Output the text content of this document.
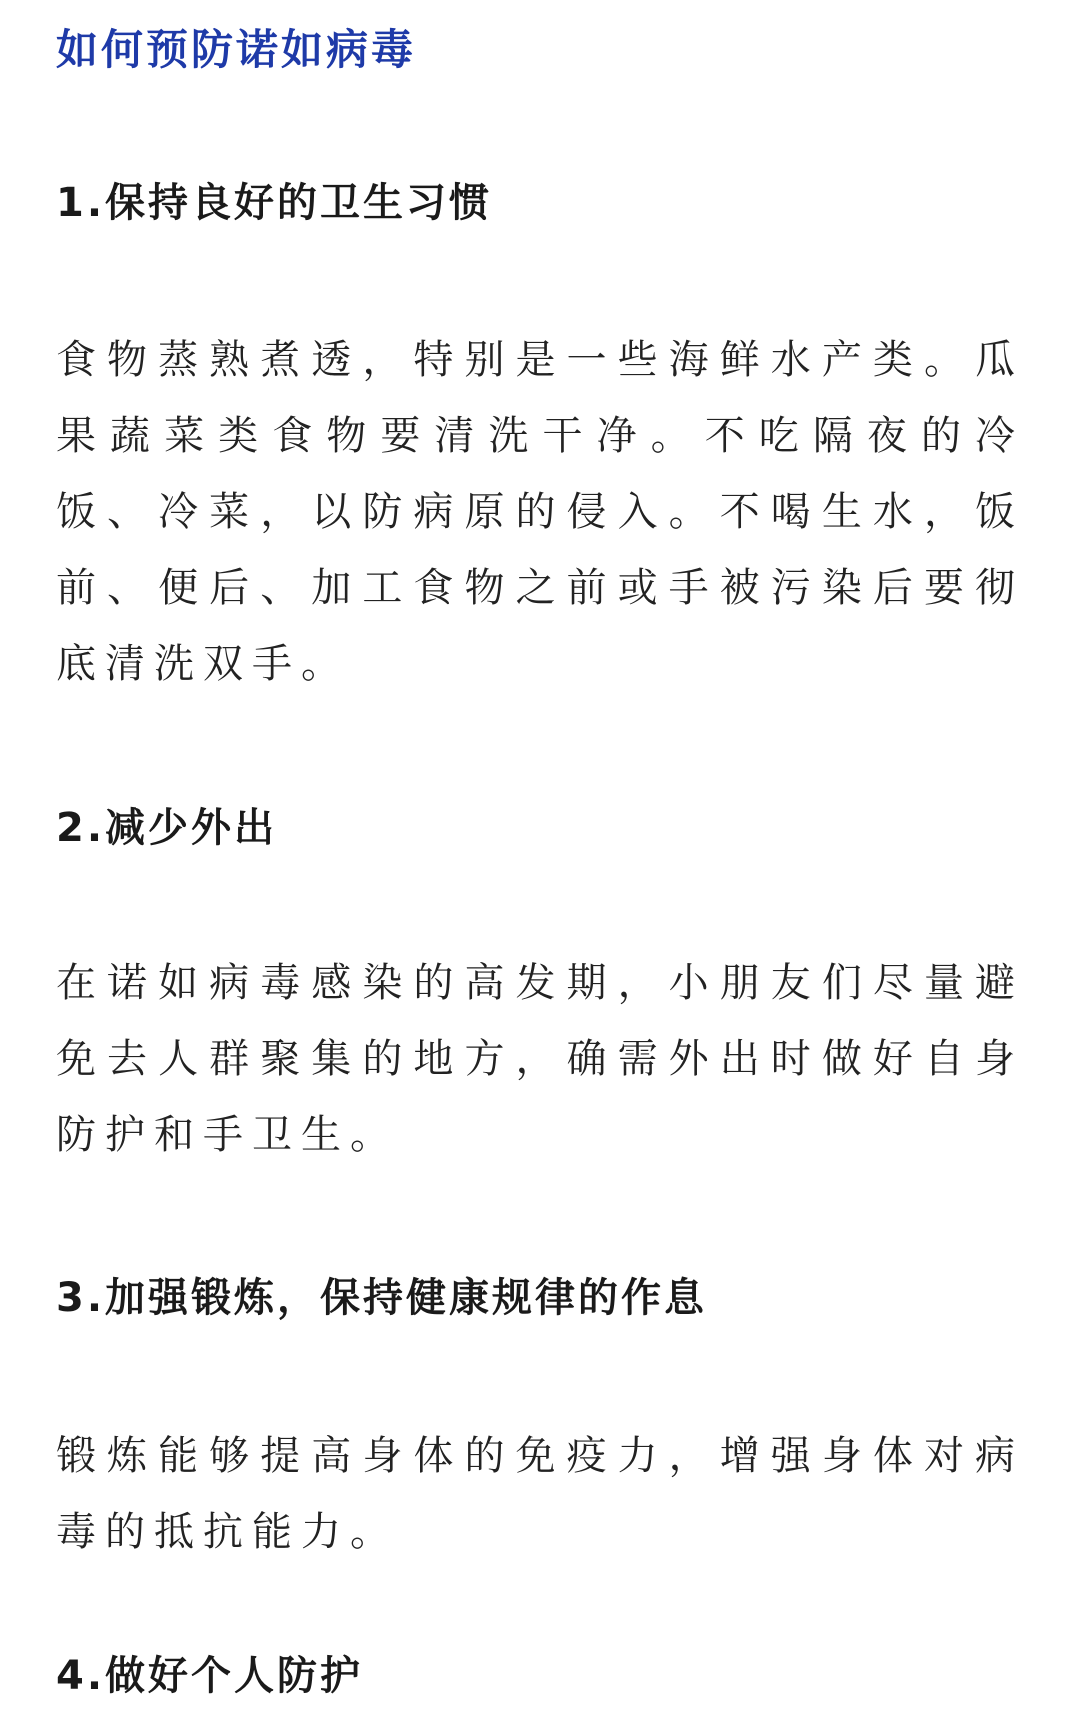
如何预防诺如病毒
1.保持良好的卫生习惯

食物蒸熟煮透，特别是一些海鲜水产类。瓜果蔬菜类食物要清洗干净。不吃隔夜的冷饭、冷菜，以防病原的侵入。不喝生水，饭前、便后、加工食物之前或手被污染后要彻底清洗双手。

2.减少外出

在诺如病毒感染的高发期，小朋友们尽量避免去人群聚集的地方，确需外出时做好自身防护和手卫生。

3.加强锻炼，保持健康规律的作息

锻炼能够提高身体的免疫力，增强身体对病毒的抵抗能力。

4.做好个人防护
